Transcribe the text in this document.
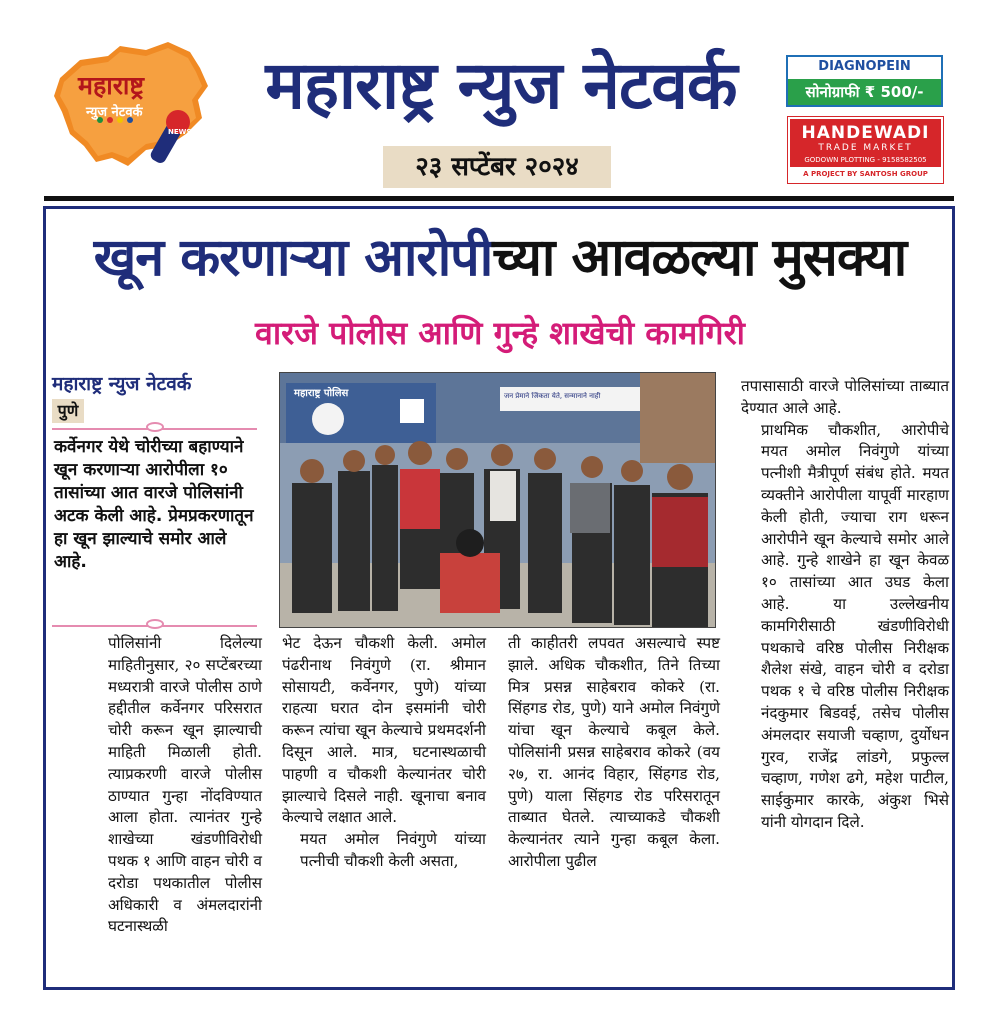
महाराष्ट्र
न्युज नेटवर्क
NEWS
महाराष्ट्र न्युज नेटवर्क
२३ सप्टेंबर २०२४
DIAGNOPEIN
सोनोग्राफी ₹ 500/-
HANDEWADI
TRADE MARKET
GODOWN PLOTTING - 9158582505
A PROJECT BY SANTOSH GROUP
खून करणाऱ्या आरोपीच्या आवळल्या मुसक्या
वारजे पोलीस आणि गुन्हे शाखेची कामगिरी
महाराष्ट्र न्युज नेटवर्क
पुणे
कर्वेनगर येथे चोरीच्या बहाण्याने खून करणाऱ्या आरोपीला १० तासांच्या आत वारजे पोलिसांनी अटक केली आहे. प्रेमप्रकरणातून हा खून झाल्याचे समोर आले आहे.
महाराष्ट्र पोलिस	जन प्रेमाने जिंकता येते, सन्मानाने नाही

पोलिसांनी दिलेल्या माहितीनुसार, २० सप्टेंबरच्या मध्यरात्री वारजे पोलीस ठाणे हद्दीतील कर्वेनगर परिसरात चोरी करून खून झाल्याची माहिती मिळाली होती. त्याप्रकरणी वारजे पोलीस ठाण्यात गुन्हा नोंदविण्यात आला होता. त्यानंतर गुन्हे शाखेच्या खंडणीविरोधी पथक १ आणि वाहन चोरी व दरोडा पथकातील पोलीस अधिकारी व अंमलदारांनी घटनास्थळी

भेट देऊन चौकशी केली. अमोल पंढरीनाथ निवंगुणे (रा. श्रीमान सोसायटी, कर्वेनगर, पुणे) यांच्या राहत्या घरात दोन इसमांनी चोरी करून त्यांचा खून केल्याचे प्रथमदर्शनी दिसून आले. मात्र, घटनास्थळाची पाहणी व चौकशी केल्यानंतर चोरी झाल्याचे दिसले नाही. खूनाचा बनाव केल्याचे लक्षात आले.

मयत अमोल निवंगुणे यांच्या पत्नीची चौकशी केली असता,

ती काहीतरी लपवत असल्याचे स्पष्ट झाले. अधिक चौकशीत, तिने तिच्या मित्र प्रसन्न साहेबराव कोकरे (रा. सिंहगड रोड, पुणे) याने अमोल निवंगुणे यांचा खून केल्याचे कबूल केले. पोलिसांनी प्रसन्न साहेबराव कोकरे (वय २७, रा. आनंद विहार, सिंहगड रोड, पुणे) याला सिंहगड रोड परिसरातून ताब्यात घेतले. त्याच्याकडे चौकशी केल्यानंतर त्याने गुन्हा कबूल केला. आरोपीला पुढील

तपासासाठी वारजे पोलिसांच्या ताब्यात देण्यात आले आहे.

प्राथमिक चौकशीत, आरोपीचे मयत अमोल निवंगुणे यांच्या पत्नीशी मैत्रीपूर्ण संबंध होते. मयत व्यक्तीने आरोपीला यापूर्वी मारहाण केली होती, ज्याचा राग धरून आरोपीने खून केल्याचे समोर आले आहे. गुन्हे शाखेने हा खून केवळ १० तासांच्या आत उघड केला आहे. या उल्लेखनीय कामगिरीसाठी खंडणीविरोधी पथकाचे वरिष्ठ पोलीस निरीक्षक शैलेश संखे, वाहन चोरी व दरोडा पथक १ चे वरिष्ठ पोलीस निरीक्षक नंदकुमार बिडवई, तसेच पोलीस अंमलदार सयाजी चव्हाण, दुर्योधन गुरव, राजेंद्र लांडगे, प्रफुल्ल चव्हाण, गणेश ढगे, महेश पाटील, साईकुमार कारके, अंकुश भिसे यांनी योगदान दिले.
